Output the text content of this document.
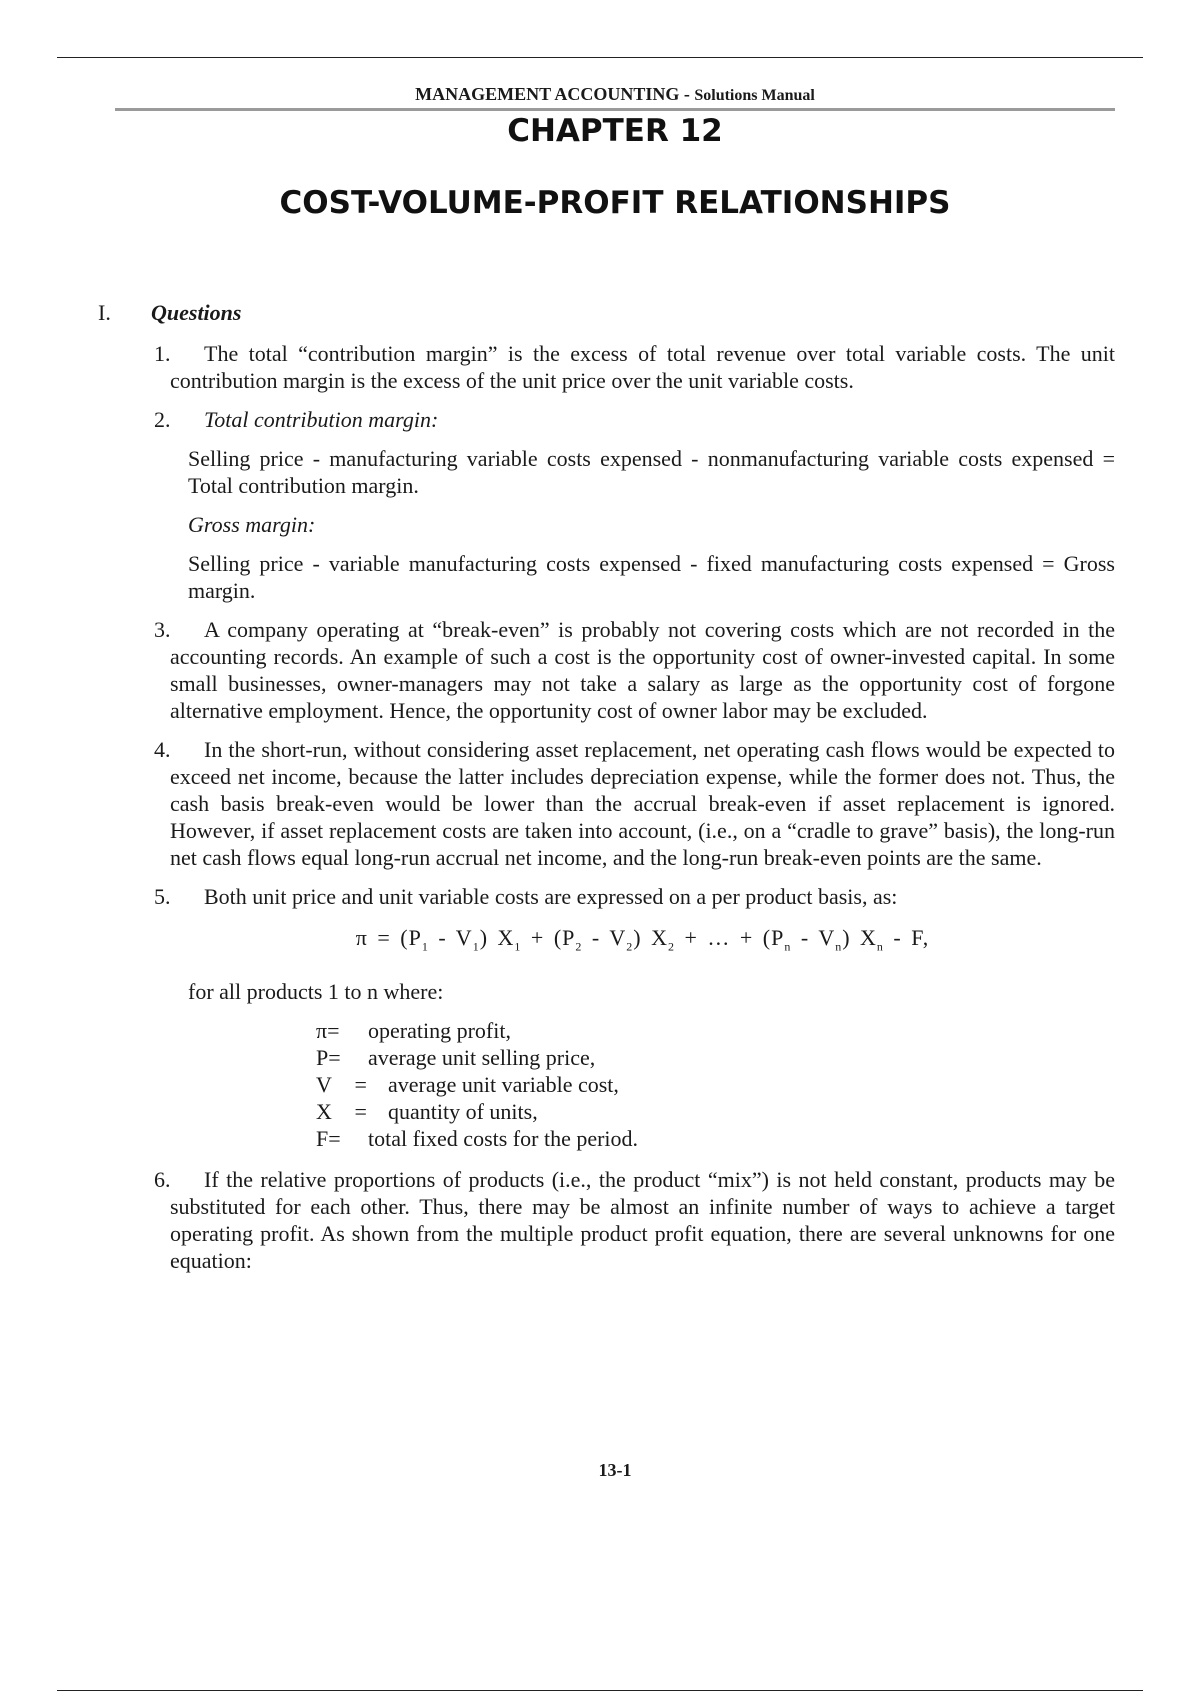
MANAGEMENT ACCOUNTING - Solutions Manual
CHAPTER 12
COST-VOLUME-PROFIT RELATIONSHIPS
I. Questions

1. The total “contribution margin” is the excess of total revenue over total variable costs. The unit contribution margin is the excess of the unit price over the unit variable costs.

2. Total contribution margin:

Selling price - manufacturing variable costs expensed - nonmanufacturing variable costs expensed = Total contribution margin.

Gross margin:

Selling price - variable manufacturing costs expensed - fixed manufacturing costs expensed = Gross margin.

3. A company operating at “break-even” is probably not covering costs which are not recorded in the accounting records. An example of such a cost is the opportunity cost of owner-invested capital. In some small businesses, owner-managers may not take a salary as large as the opportunity cost of forgone alternative employment. Hence, the opportunity cost of owner labor may be excluded.

4. In the short-run, without considering asset replacement, net operating cash flows would be expected to exceed net income, because the latter includes depreciation expense, while the former does not. Thus, the cash basis break-even would be lower than the accrual break-even if asset replacement is ignored. However, if asset replacement costs are taken into account, (i.e., on a “cradle to grave” basis), the long-run net cash flows equal long-run accrual net income, and the long-run break-even points are the same.

5. Both unit price and unit variable costs are expressed on a per product basis, as:

$\pi = (P_1 - V_1) X_1 + (P_2 - V_2) X_2$ + … + $(P_n - V_n)$ $X_n$ - F,

for all products 1 to n where:

π=	operating profit,
P=	average unit selling price,
V =	average unit variable cost,
X =	quantity of units,
F=	total fixed costs for the period.

6. If the relative proportions of products (i.e., the product “mix”) is not held constant, products may be substituted for each other. Thus, there may be almost an infinite number of ways to achieve a target operating profit. As shown from the multiple product profit equation, there are several unknowns for one equation:

13-1
